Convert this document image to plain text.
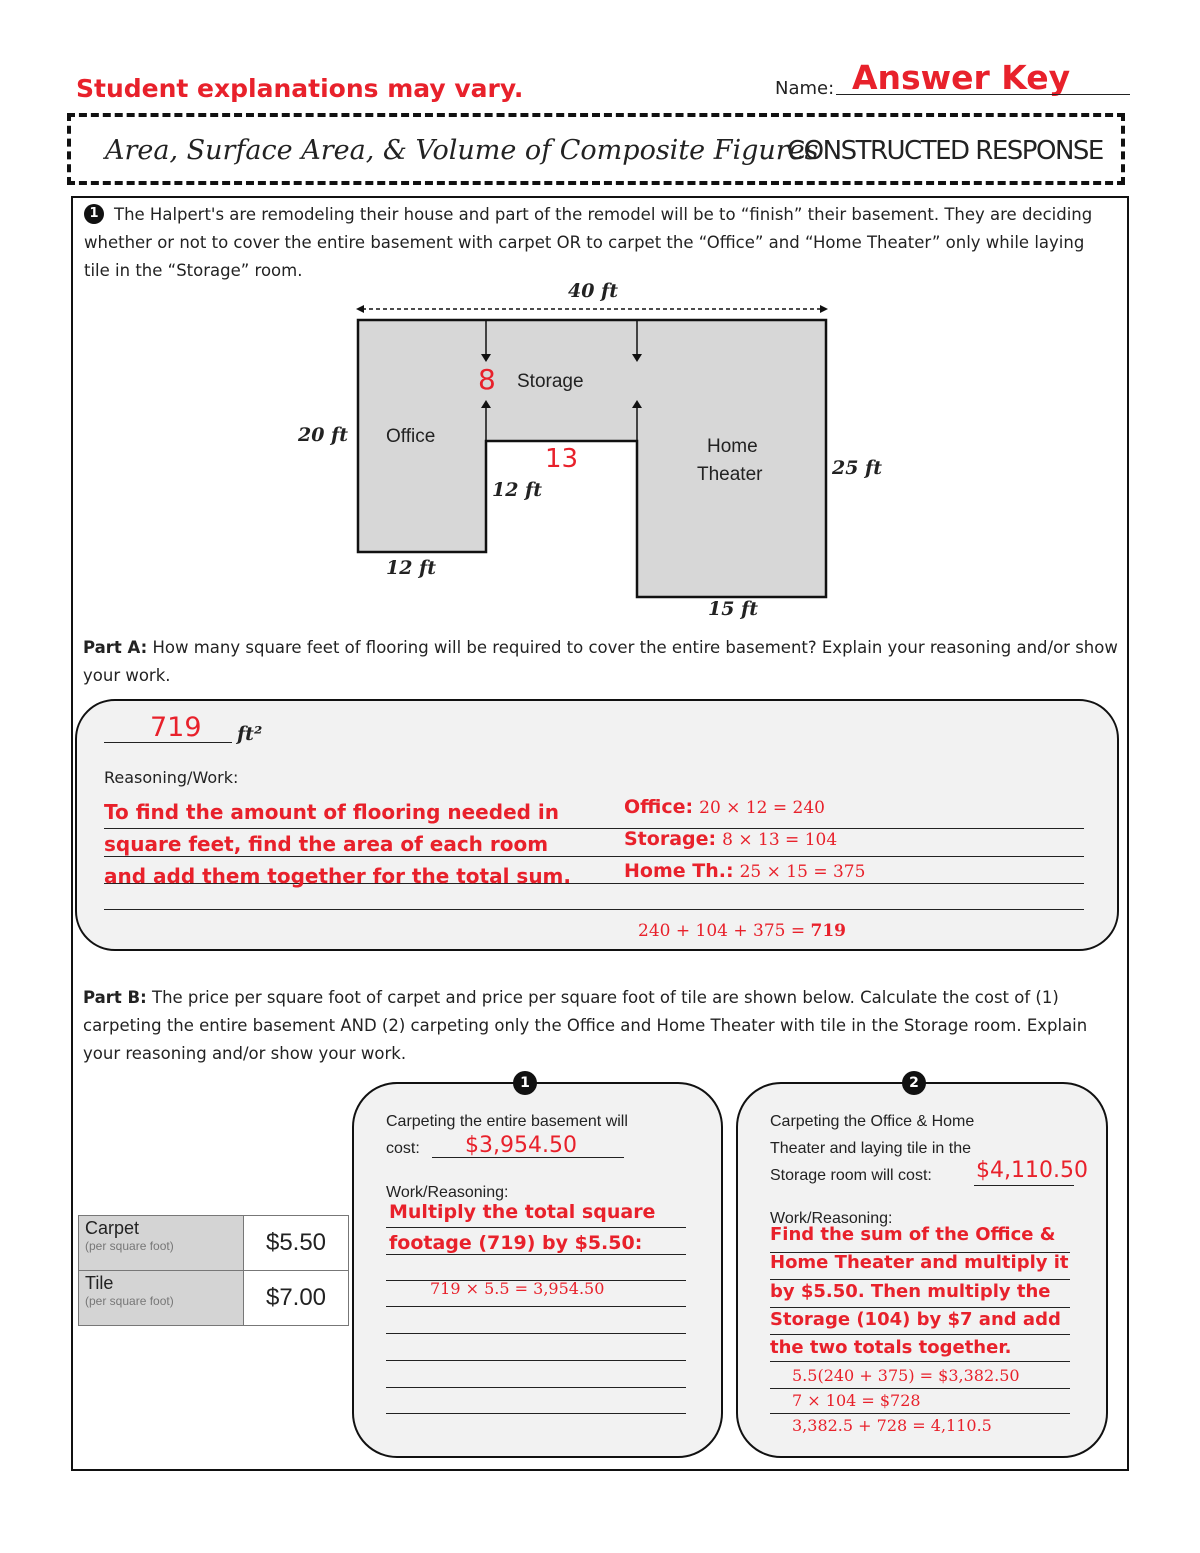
Student explanations may vary.	Name: Answer Key
Area, Surface Area, & Volume of Composite Figures
CONSTRUCTED RESPONSE
1 The Halpert's are remodeling their house and part of the remodel will be to “finish” their basement. They are deciding whether or not to cover the entire basement with carpet OR to carpet the “Office” and “Home Theater” only while laying tile in the “Storage” room.
40 ft
20 ft
25 ft
12 ft
12 ft
15 ft
Office
Storage
Home
Theater
8
13
Part A: How many square feet of flooring will be required to cover the entire basement? Explain your reasoning and/or show your work.
719 ft²
Reasoning/Work:
To find the amount of flooring needed in
square feet, find the area of each room
and add them together for the total sum.
Office: 20 × 12 = 240
Storage: 8 × 13 = 104
Home Th.: 25 × 15 = 375
240 + 104 + 375 = 719
Part B: The price per square foot of carpet and price per square foot of tile are shown below. Calculate the cost of (1) carpeting the entire basement AND (2) carpeting only the Office and Home Theater with tile in the Storage room. Explain your reasoning and/or show your work.
Carpet
(per square foot)	$5.50

Tile
(per square foot)	$7.00
1
Carpeting the entire basement will
cost: $3,954.50
Work/Reasoning:
Multiply the total square
footage (719) by $5.50:
719 × 5.5 = 3,954.50
2
Carpeting the Office & Home
Theater and laying tile in the
Storage room will cost: $4,110.50
Work/Reasoning:
Find the sum of the Office &
Home Theater and multiply it
by $5.50. Then multiply the
Storage (104) by $7 and add
the two totals together.
5.5(240 + 375) = $3,382.50
7 × 104 = $728
3,382.5 + 728 = 4,110.5
